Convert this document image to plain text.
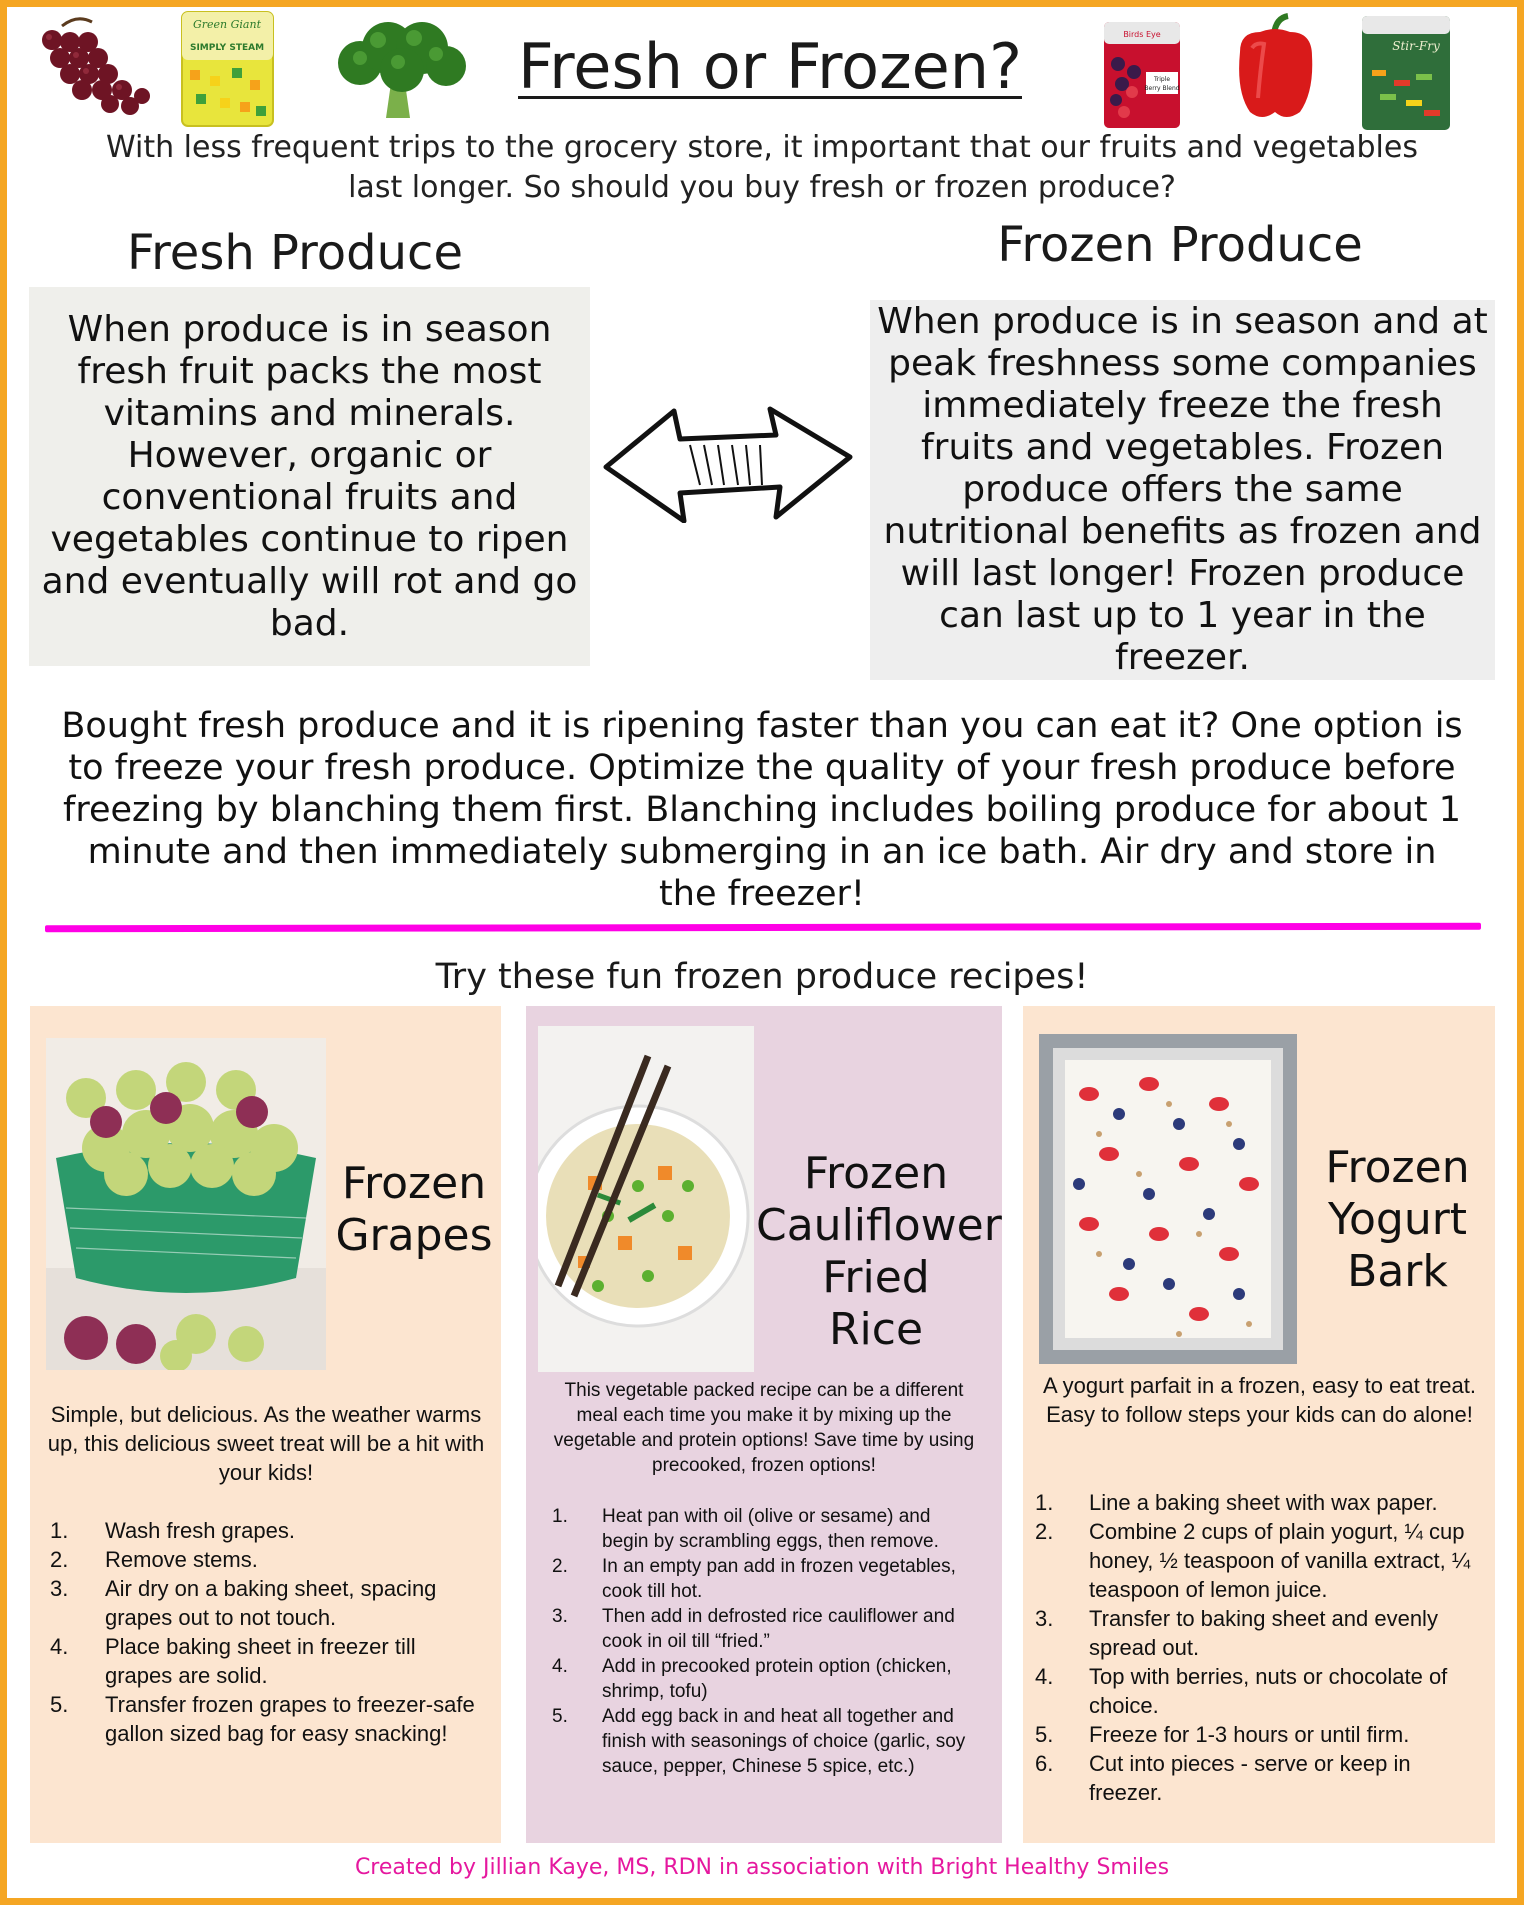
Green Giant
SIMPLY STEAM
Birds Eye
Triple
Berry Blend
Stir-Fry
Fresh or Frozen?
With less frequent trips to the grocery store, it important that our fruits and vegetables last longer. So should you buy fresh or frozen produce?
Fresh Produce	Frozen Produce
When produce is in season fresh fruit packs the most vitamins and minerals. However, organic or conventional fruits and vegetables continue to ripen and eventually will rot and go bad.
When produce is in season and at peak freshness some companies immediately freeze the fresh fruits and vegetables. Frozen produce offers the same nutritional benefits as frozen and will last longer! Frozen produce can last up to 1 year in the freezer.
Bought fresh produce and it is ripening faster than you can eat it? One option is to freeze your fresh produce. Optimize the quality of your fresh produce before freezing by blanching them first. Blanching includes boiling produce for about 1 minute and then immediately submerging in an ice bath. Air dry and store in the freezer!
Try these fun frozen produce recipes!
Frozen
Grapes
Simple, but delicious. As the weather warms up, this delicious sweet treat will be a hit with your kids!
1.	Wash fresh grapes.
2.	Remove stems.
3.	Air dry on a baking sheet, spacing grapes out to not touch.
4.	Place baking sheet in freezer till grapes are solid.
5.	Transfer frozen grapes to freezer-safe gallon sized bag for easy snacking!
Frozen
Cauliflower
Fried
Rice
This vegetable packed recipe can be a different meal each time you make it by mixing up the vegetable and protein options! Save time by using precooked, frozen options!
1.	Heat pan with oil (olive or sesame) and begin by scrambling eggs, then remove.
2.	In an empty pan add in frozen vegetables, cook till hot.
3.	Then add in defrosted rice cauliflower and cook in oil till “fried.”
4.	Add in precooked protein option (chicken, shrimp, tofu)
5.	Add egg back in and heat all together and finish with seasonings of choice (garlic, soy sauce, pepper, Chinese 5 spice, etc.)
Frozen
Yogurt
Bark
A yogurt parfait in a frozen, easy to eat treat. Easy to follow steps your kids can do alone!
1.	Line a baking sheet with wax paper.
2.	Combine 2 cups of plain yogurt, ¼ cup honey, ½ teaspoon of vanilla extract, ¼ teaspoon of lemon juice.
3.	Transfer to baking sheet and evenly spread out.
4.	Top with berries, nuts or chocolate of choice.
5.	Freeze for 1-3 hours or until firm.
6.	Cut into pieces - serve or keep in freezer.
Created by Jillian Kaye, MS, RDN in association with Bright Healthy Smiles
